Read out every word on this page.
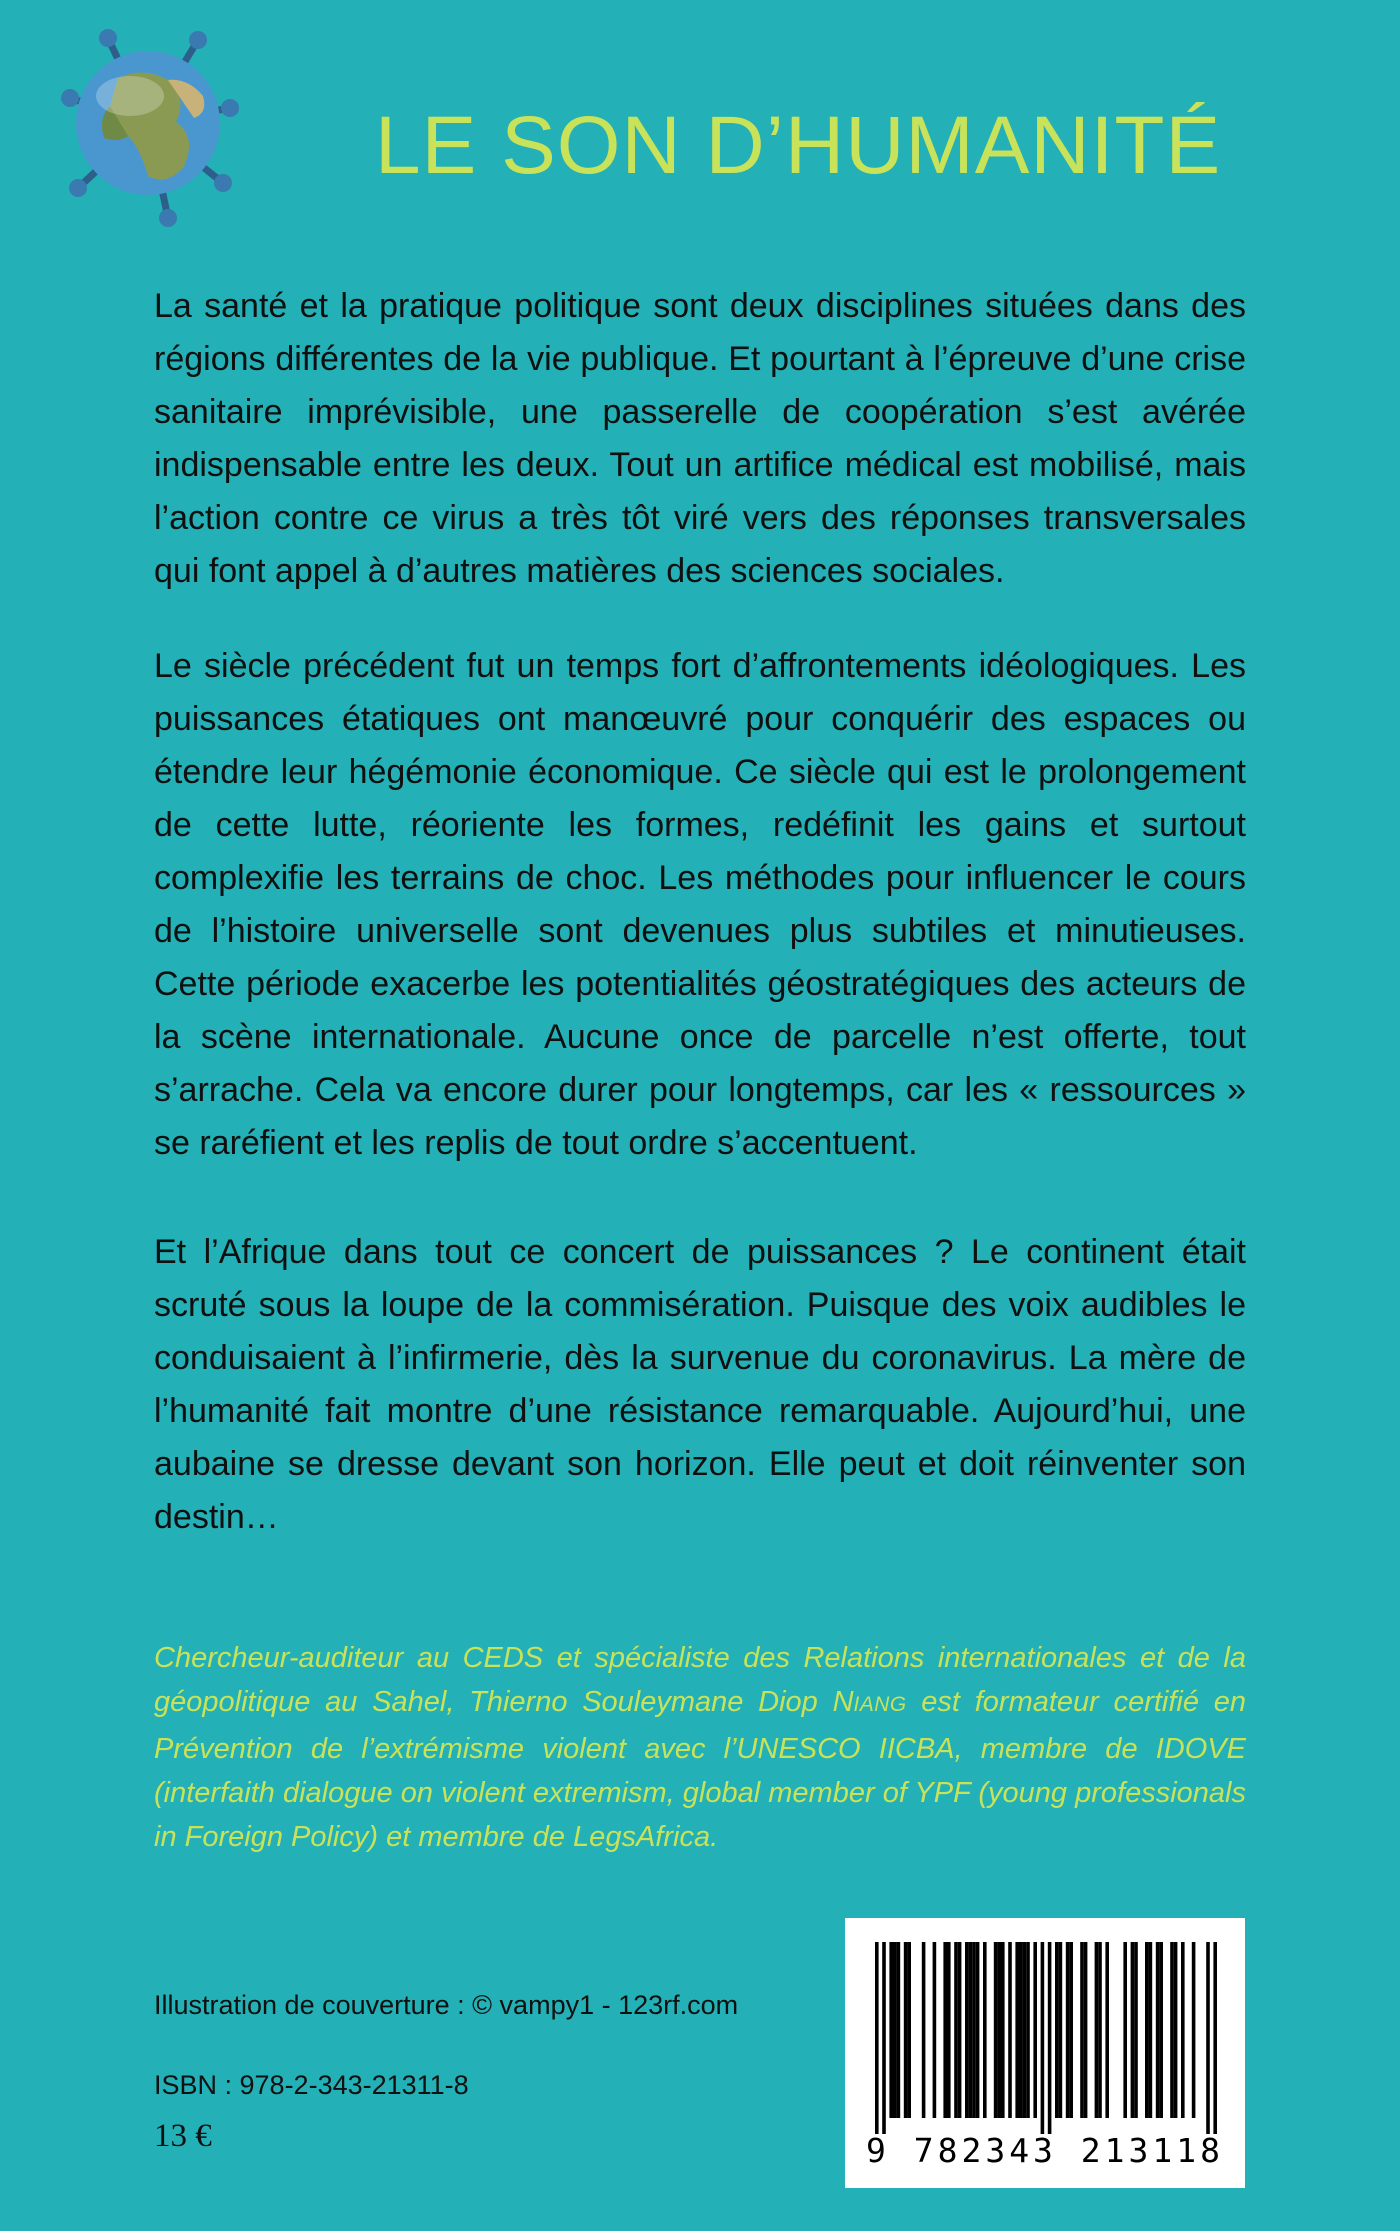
LE SON D’HUMANITÉ

La santé et la pratique politique sont deux disciplines situées dans des régions différentes de la vie publique. Et pourtant à l’épreuve d’une crise sanitaire imprévisible, une passerelle de coopération s’est avérée indispensable entre les deux. Tout un artifice médical est mobilisé, mais l’action contre ce virus a très tôt viré vers des réponses transversales qui font appel à d’autres matières des sciences sociales.

Le siècle précédent fut un temps fort d’affrontements idéologiques. Les puissances étatiques ont manœuvré pour conquérir des espaces ou étendre leur hégémonie économique. Ce siècle qui est le prolongement de cette lutte, réoriente les formes, redéfinit les gains et surtout complexifie les terrains de choc. Les méthodes pour influencer le cours de l’histoire universelle sont devenues plus subtiles et minutieuses. Cette période exacerbe les potentialités géostratégiques des acteurs de la scène internationale. Aucune once de parcelle n’est offerte, tout s’arrache. Cela va encore durer pour longtemps, car les « ressources » se raréfient et les replis de tout ordre s’accentuent.

Et l’Afrique dans tout ce concert de puissances ? Le continent était scruté sous la loupe de la commisération. Puisque des voix audibles le conduisaient à l’infirmerie, dès la survenue du coronavirus. La mère de l’humanité fait montre d’une résistance remarquable. Aujourd’hui, une aubaine se dresse devant son horizon. Elle peut et doit réinventer son destin…

Chercheur-auditeur au CEDS et spécialiste des Relations internationales et de la géopolitique au Sahel, Thierno Souleymane Diop NIANG est formateur certifié en Prévention de l’extrémisme violent avec l’UNESCO IICBA, membre de IDOVE (interfaith dialogue on violent extremism, global member of YPF (young professionals in Foreign Policy) et membre de LegsAfrica.

Illustration de couverture : © vampy1 - 123rf.com
ISBN : 978-2-343-21311-8
13 €	9 782343 213118
